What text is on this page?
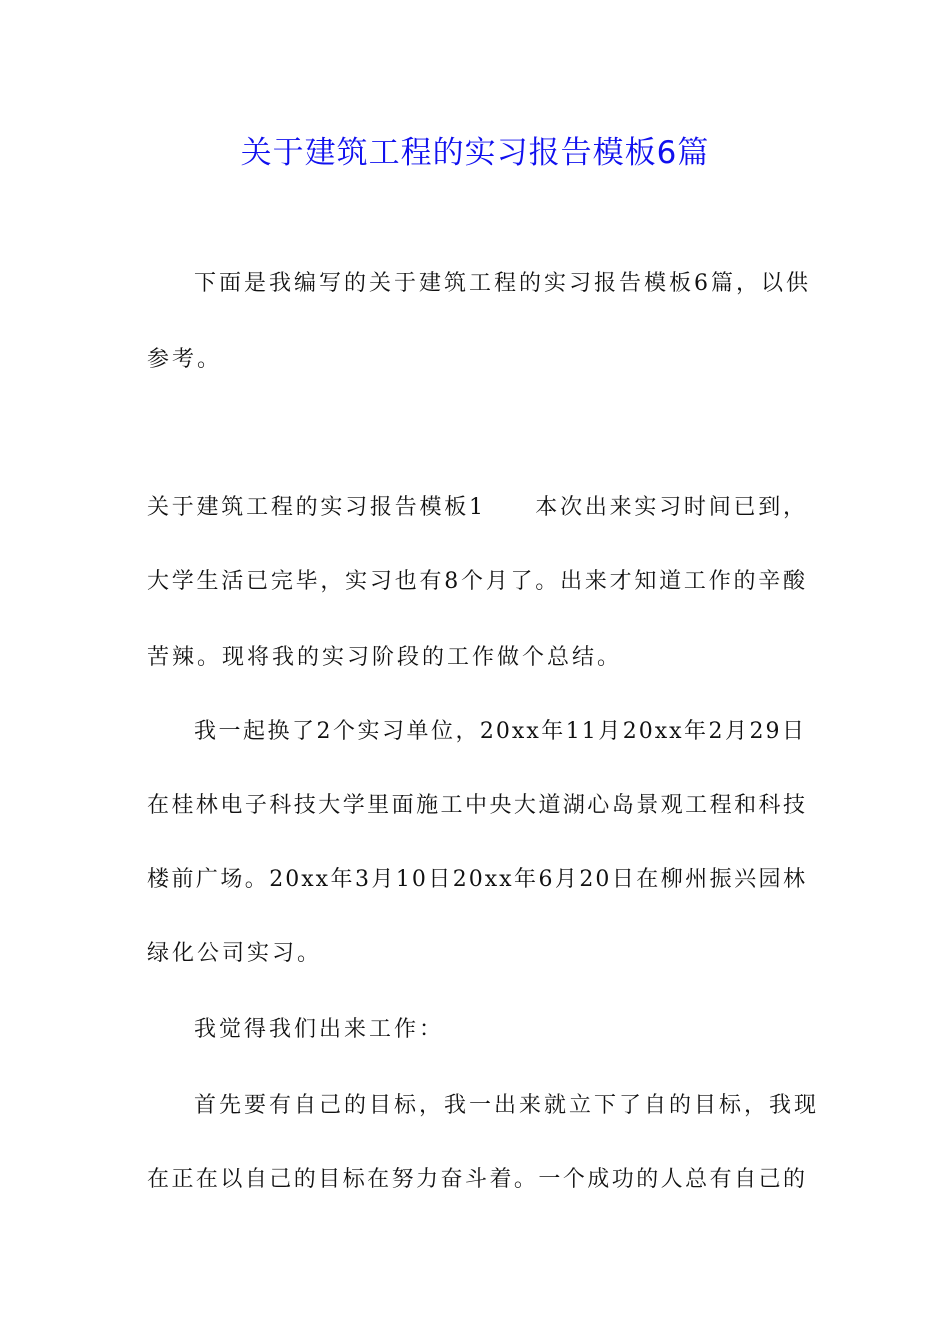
关于建筑工程的实习报告模板6篇
下面是我编写的关于建筑工程的实习报告模板6篇，以供
参考。
关于建筑工程的实习报告模板1　　本次出来实习时间已到，
大学生活已完毕，实习也有8个月了。出来才知道工作的辛酸
苦辣。现将我的实习阶段的工作做个总结。
我一起换了2个实习单位，20xx年11月20xx年2月29日
在桂林电子科技大学里面施工中央大道湖心岛景观工程和科技
楼前广场。20xx年3月10日20xx年6月20日在柳州振兴园林
绿化公司实习。
我觉得我们出来工作：
首先要有自己的目标，我一出来就立下了自的目标，我现
在正在以自己的目标在努力奋斗着。一个成功的人总有自己的
